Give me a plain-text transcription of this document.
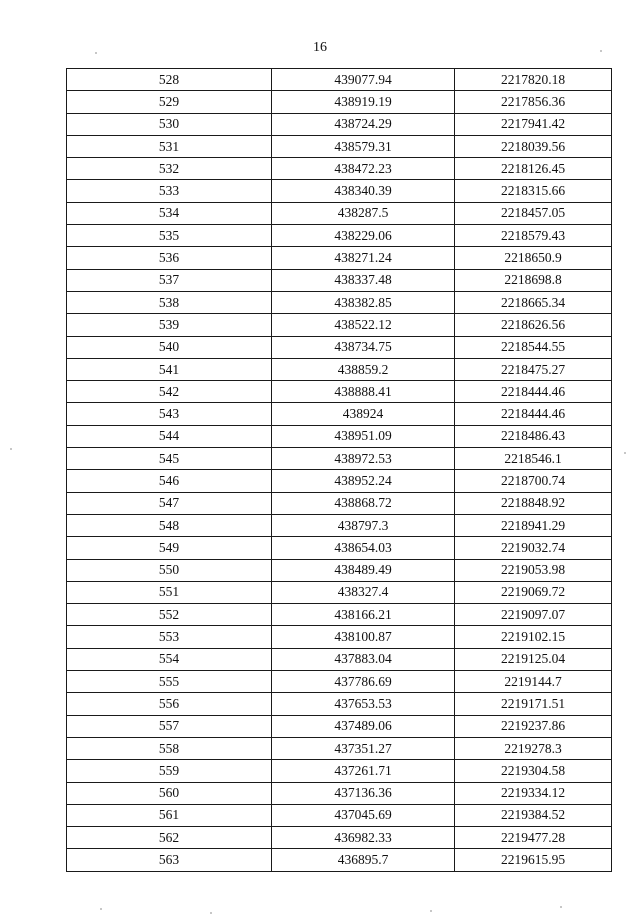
16
528	439077.94	2217820.18
529	438919.19	2217856.36
530	438724.29	2217941.42
531	438579.31	2218039.56
532	438472.23	2218126.45
533	438340.39	2218315.66
534	438287.5	2218457.05
535	438229.06	2218579.43
536	438271.24	2218650.9
537	438337.48	2218698.8
538	438382.85	2218665.34
539	438522.12	2218626.56
540	438734.75	2218544.55
541	438859.2	2218475.27
542	438888.41	2218444.46
543	438924	2218444.46
544	438951.09	2218486.43
545	438972.53	2218546.1
546	438952.24	2218700.74
547	438868.72	2218848.92
548	438797.3	2218941.29
549	438654.03	2219032.74
550	438489.49	2219053.98
551	438327.4	2219069.72
552	438166.21	2219097.07
553	438100.87	2219102.15
554	437883.04	2219125.04
555	437786.69	2219144.7
556	437653.53	2219171.51
557	437489.06	2219237.86
558	437351.27	2219278.3
559	437261.71	2219304.58
560	437136.36	2219334.12
561	437045.69	2219384.52
562	436982.33	2219477.28
563	436895.7	2219615.95
